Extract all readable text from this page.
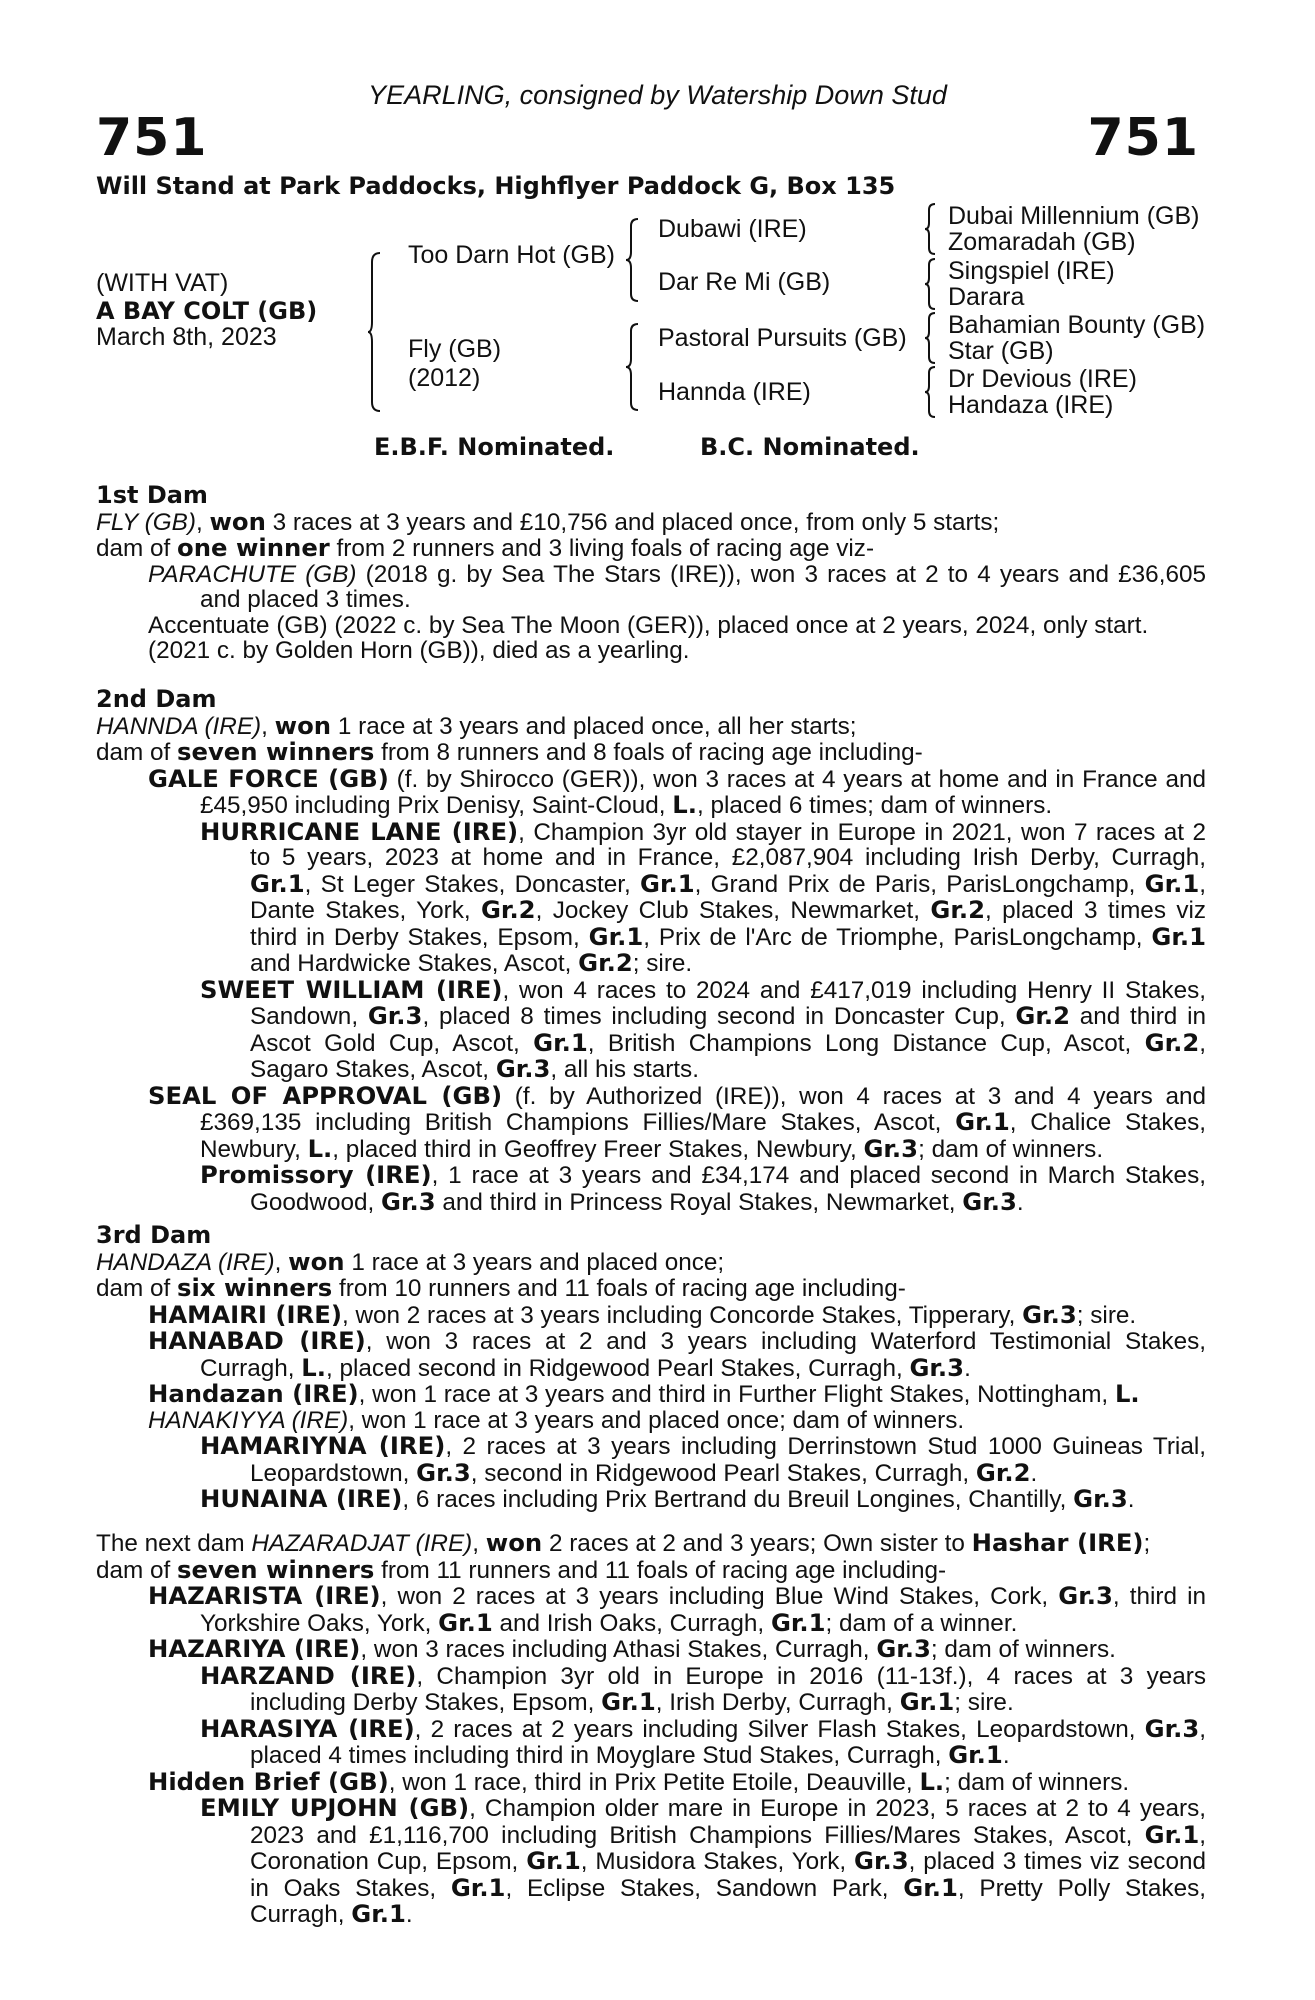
YEARLING, consigned by Watership Down Stud
751	751
Will Stand at Park Paddocks, Highflyer Paddock G, Box 135
(WITH VAT)
A BAY COLT (GB)
March 8th, 2023
Too Darn Hot (GB)
Fly (GB)
(2012)
Dubawi (IRE)
Dar Re Mi (GB)
Pastoral Pursuits (GB)
Hannda (IRE)
Dubai Millennium (GB)
Zomaradah (GB)
Singspiel (IRE)
Darara
Bahamian Bounty (GB)
Star (GB)
Dr Devious (IRE)
Handaza (IRE)
E.B.F. Nominated.	B.C. Nominated.

1st Dam

FLY (GB), won 3 races at 3 years and £10,756 and placed once, from only 5 starts;

dam of one winner from 2 runners and 3 living foals of racing age viz-

PARACHUTE (GB) (2018 g. by Sea The Stars (IRE)), won 3 races at 2 to 4 years and £36,605 and placed 3 times.

Accentuate (GB) (2022 c. by Sea The Moon (GER)), placed once at 2 years, 2024, only start.

(2021 c. by Golden Horn (GB)), died as a yearling.

2nd Dam

HANNDA (IRE), won 1 race at 3 years and placed once, all her starts;

dam of seven winners from 8 runners and 8 foals of racing age including-

GALE FORCE (GB) (f. by Shirocco (GER)), won 3 races at 4 years at home and in France and £45,950 including Prix Denisy, Saint-Cloud, L., placed 6 times; dam of winners.

HURRICANE LANE (IRE), Champion 3yr old stayer in Europe in 2021, won 7 races at 2 to 5 years, 2023 at home and in France, £2,087,904 including Irish Derby, Curragh, Gr.1, St Leger Stakes, Doncaster, Gr.1, Grand Prix de Paris, ParisLongchamp, Gr.1, Dante Stakes, York, Gr.2, Jockey Club Stakes, Newmarket, Gr.2, placed 3 times viz third in Derby Stakes, Epsom, Gr.1, Prix de l'Arc de Triomphe, ParisLongchamp, Gr.1 and Hardwicke Stakes, Ascot, Gr.2; sire.

SWEET WILLIAM (IRE), won 4 races to 2024 and £417,019 including Henry II Stakes, Sandown, Gr.3, placed 8 times including second in Doncaster Cup, Gr.2 and third in Ascot Gold Cup, Ascot, Gr.1, British Champions Long Distance Cup, Ascot, Gr.2, Sagaro Stakes, Ascot, Gr.3, all his starts.

SEAL OF APPROVAL (GB) (f. by Authorized (IRE)), won 4 races at 3 and 4 years and £369,135 including British Champions Fillies/Mare Stakes, Ascot, Gr.1, Chalice Stakes, Newbury, L., placed third in Geoffrey Freer Stakes, Newbury, Gr.3; dam of winners.

Promissory (IRE), 1 race at 3 years and £34,174 and placed second in March Stakes, Goodwood, Gr.3 and third in Princess Royal Stakes, Newmarket, Gr.3.

3rd Dam

HANDAZA (IRE), won 1 race at 3 years and placed once;

dam of six winners from 10 runners and 11 foals of racing age including-

HAMAIRI (IRE), won 2 races at 3 years including Concorde Stakes, Tipperary, Gr.3; sire.

HANABAD (IRE), won 3 races at 2 and 3 years including Waterford Testimonial Stakes, Curragh, L., placed second in Ridgewood Pearl Stakes, Curragh, Gr.3.

Handazan (IRE), won 1 race at 3 years and third in Further Flight Stakes, Nottingham, L.

HANAKIYYA (IRE), won 1 race at 3 years and placed once; dam of winners.

HAMARIYNA (IRE), 2 races at 3 years including Derrinstown Stud 1000 Guineas Trial, Leopardstown, Gr.3, second in Ridgewood Pearl Stakes, Curragh, Gr.2.

HUNAINA (IRE), 6 races including Prix Bertrand du Breuil Longines, Chantilly, Gr.3.

The next dam HAZARADJAT (IRE), won 2 races at 2 and 3 years; Own sister to Hashar (IRE);

dam of seven winners from 11 runners and 11 foals of racing age including-

HAZARISTA (IRE), won 2 races at 3 years including Blue Wind Stakes, Cork, Gr.3, third in Yorkshire Oaks, York, Gr.1 and Irish Oaks, Curragh, Gr.1; dam of a winner.

HAZARIYA (IRE), won 3 races including Athasi Stakes, Curragh, Gr.3; dam of winners.

HARZAND (IRE), Champion 3yr old in Europe in 2016 (11-13f.), 4 races at 3 years including Derby Stakes, Epsom, Gr.1, Irish Derby, Curragh, Gr.1; sire.

HARASIYA (IRE), 2 races at 2 years including Silver Flash Stakes, Leopardstown, Gr.3, placed 4 times including third in Moyglare Stud Stakes, Curragh, Gr.1.

Hidden Brief (GB), won 1 race, third in Prix Petite Etoile, Deauville, L.; dam of winners.

EMILY UPJOHN (GB), Champion older mare in Europe in 2023, 5 races at 2 to 4 years, 2023 and £1,116,700 including British Champions Fillies/Mares Stakes, Ascot, Gr.1, Coronation Cup, Epsom, Gr.1, Musidora Stakes, York, Gr.3, placed 3 times viz second in Oaks Stakes, Gr.1, Eclipse Stakes, Sandown Park, Gr.1, Pretty Polly Stakes, Curragh, Gr.1.
